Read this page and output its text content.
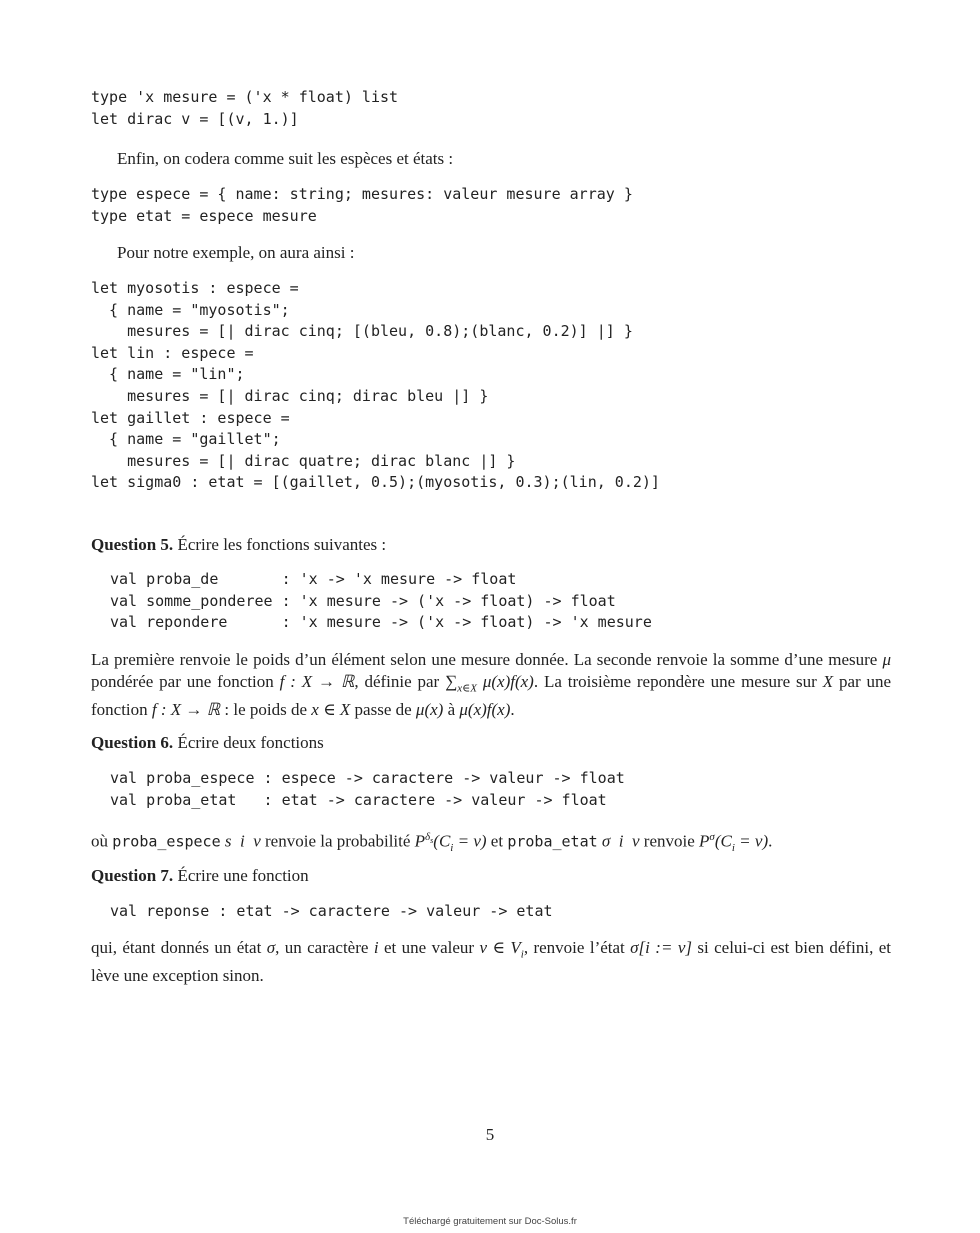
type 'x mesure = ('x * float) list
let dirac v = [(v, 1.)]

Enfin, on codera comme suit les espèces et états :

type espece = { name: string; mesures: valeur mesure array }
type etat = espece mesure

Pour notre exemple, on aura ainsi :

let myosotis : espece =
{ name = "myosotis";
mesures = [| dirac cinq; [(bleu, 0.8);(blanc, 0.2)] |] }
let lin : espece =
{ name = "lin";
mesures = [| dirac cinq; dirac bleu |] }
let gaillet : espece =
{ name = "gaillet";
mesures = [| dirac quatre; dirac blanc |] }
let sigma0 : etat = [(gaillet, 0.5);(myosotis, 0.3);(lin, 0.2)]

Question 5. Écrire les fonctions suivantes :

val proba_de       : 'x -> 'x mesure -> float
val somme_ponderee : 'x mesure -> ('x -> float) -> float
val repondere      : 'x mesure -> ('x -> float) -> 'x mesure

La première renvoie le poids d’un élément selon une mesure donnée. La seconde renvoie la somme d’une mesure μ pondérée par une fonction f : X → ℝ, définie par $\sum_{x\in X}$ μ(x)f(x). La troisième repondère une mesure sur X par une fonction f : X → ℝ : le poids de x ∈ X passe de μ(x) à μ(x)f(x).

Question 6. Écrire deux fonctions

val proba_espece : espece -> caractere -> valeur -> float
val proba_etat   : etat -> caractere -> valeur -> float

où proba_espece s  i  v renvoie la probabilité $P^{\delta_s}(C_i = v)$ et proba_etat σ  i  v renvoie $P^\sigma(C_i = v)$.

Question 7. Écrire une fonction

val reponse : etat -> caractere -> valeur -> etat

qui, étant donnés un état σ, un caractère i et une valeur v ∈ $V_i$, renvoie l’état σ[i := v] si celui-ci est bien défini, et lève une exception sinon.

5
Téléchargé gratuitement sur Doc-Solus.fr
